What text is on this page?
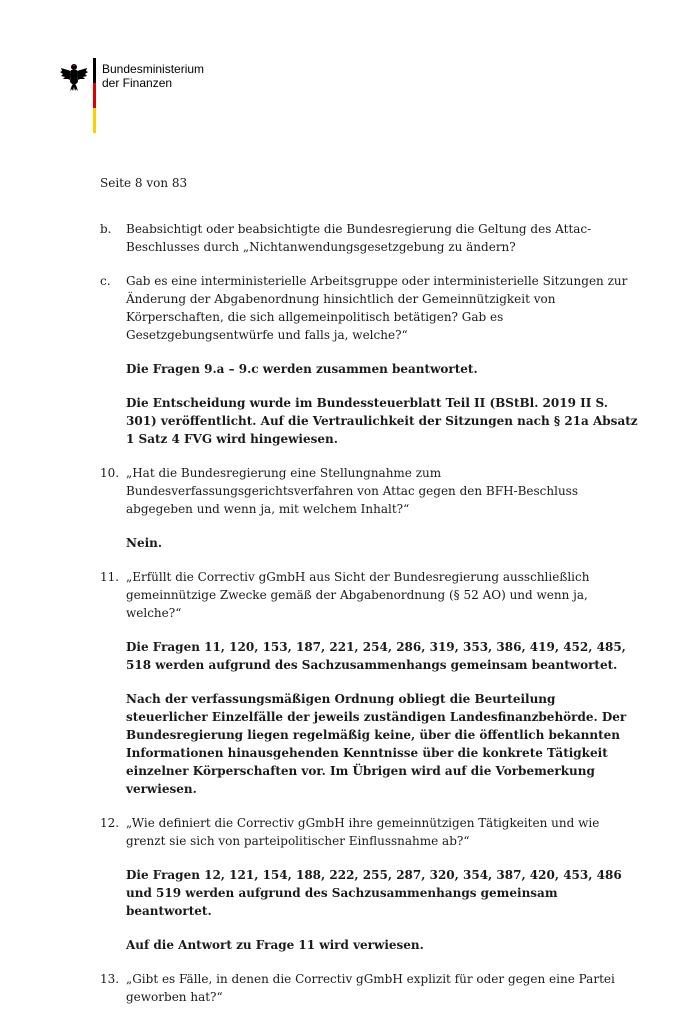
Bundesministerium
der Finanzen
Seite 8 von 83
b.	Beabsichtigt oder beabsichtigte die Bundesregierung die Geltung des Attac-Beschlusses durch „Nichtanwendungsgesetzgebung zu ändern?

c.	Gab es eine interministerielle Arbeitsgruppe oder interministerielle Sitzungen zur Änderung der Abgabenordnung hinsichtlich der Gemeinnützigkeit von Körperschaften, die sich allgemeinpolitisch betätigen? Gab es Gesetzgebungsentwürfe und falls ja, welche?“

Die Fragen 9.a – 9.c werden zusammen beantwortet.

Die Entscheidung wurde im Bundessteuerblatt Teil II (BStBl. 2019 II S. 301) veröffentlicht. Auf die Vertraulichkeit der Sitzungen nach § 21a Absatz 1 Satz 4 FVG wird hingewiesen.

10. „Hat die Bundesregierung eine Stellungnahme zum Bundesverfassungsgerichtsverfahren von Attac gegen den BFH-Beschluss abgegeben und wenn ja, mit welchem Inhalt?“

Nein.

11. „Erfüllt die Correctiv gGmbH aus Sicht der Bundesregierung ausschließlich gemeinnützige Zwecke gemäß der Abgabenordnung (§ 52 AO) und wenn ja, welche?“

Die Fragen 11, 120, 153, 187, 221, 254, 286, 319, 353, 386, 419, 452, 485, 518 werden aufgrund des Sachzusammenhangs gemeinsam beantwortet.

Nach der verfassungsmäßigen Ordnung obliegt die Beurteilung steuerlicher Einzelfälle der jeweils zuständigen Landesfinanzbehörde. Der Bundesregierung liegen regelmäßig keine, über die öffentlich bekannten Informationen hinausgehenden Kenntnisse über die konkrete Tätigkeit einzelner Körperschaften vor. Im Übrigen wird auf die Vorbemerkung verwiesen.

12. „Wie definiert die Correctiv gGmbH ihre gemeinnützigen Tätigkeiten und wie grenzt sie sich von parteipolitischer Einflussnahme ab?“

Die Fragen 12, 121, 154, 188, 222, 255, 287, 320, 354, 387, 420, 453, 486 und 519 werden aufgrund des Sachzusammenhangs gemeinsam beantwortet.

Auf die Antwort zu Frage 11 wird verwiesen.

13. „Gibt es Fälle, in denen die Correctiv gGmbH explizit für oder gegen eine Partei geworben hat?“
